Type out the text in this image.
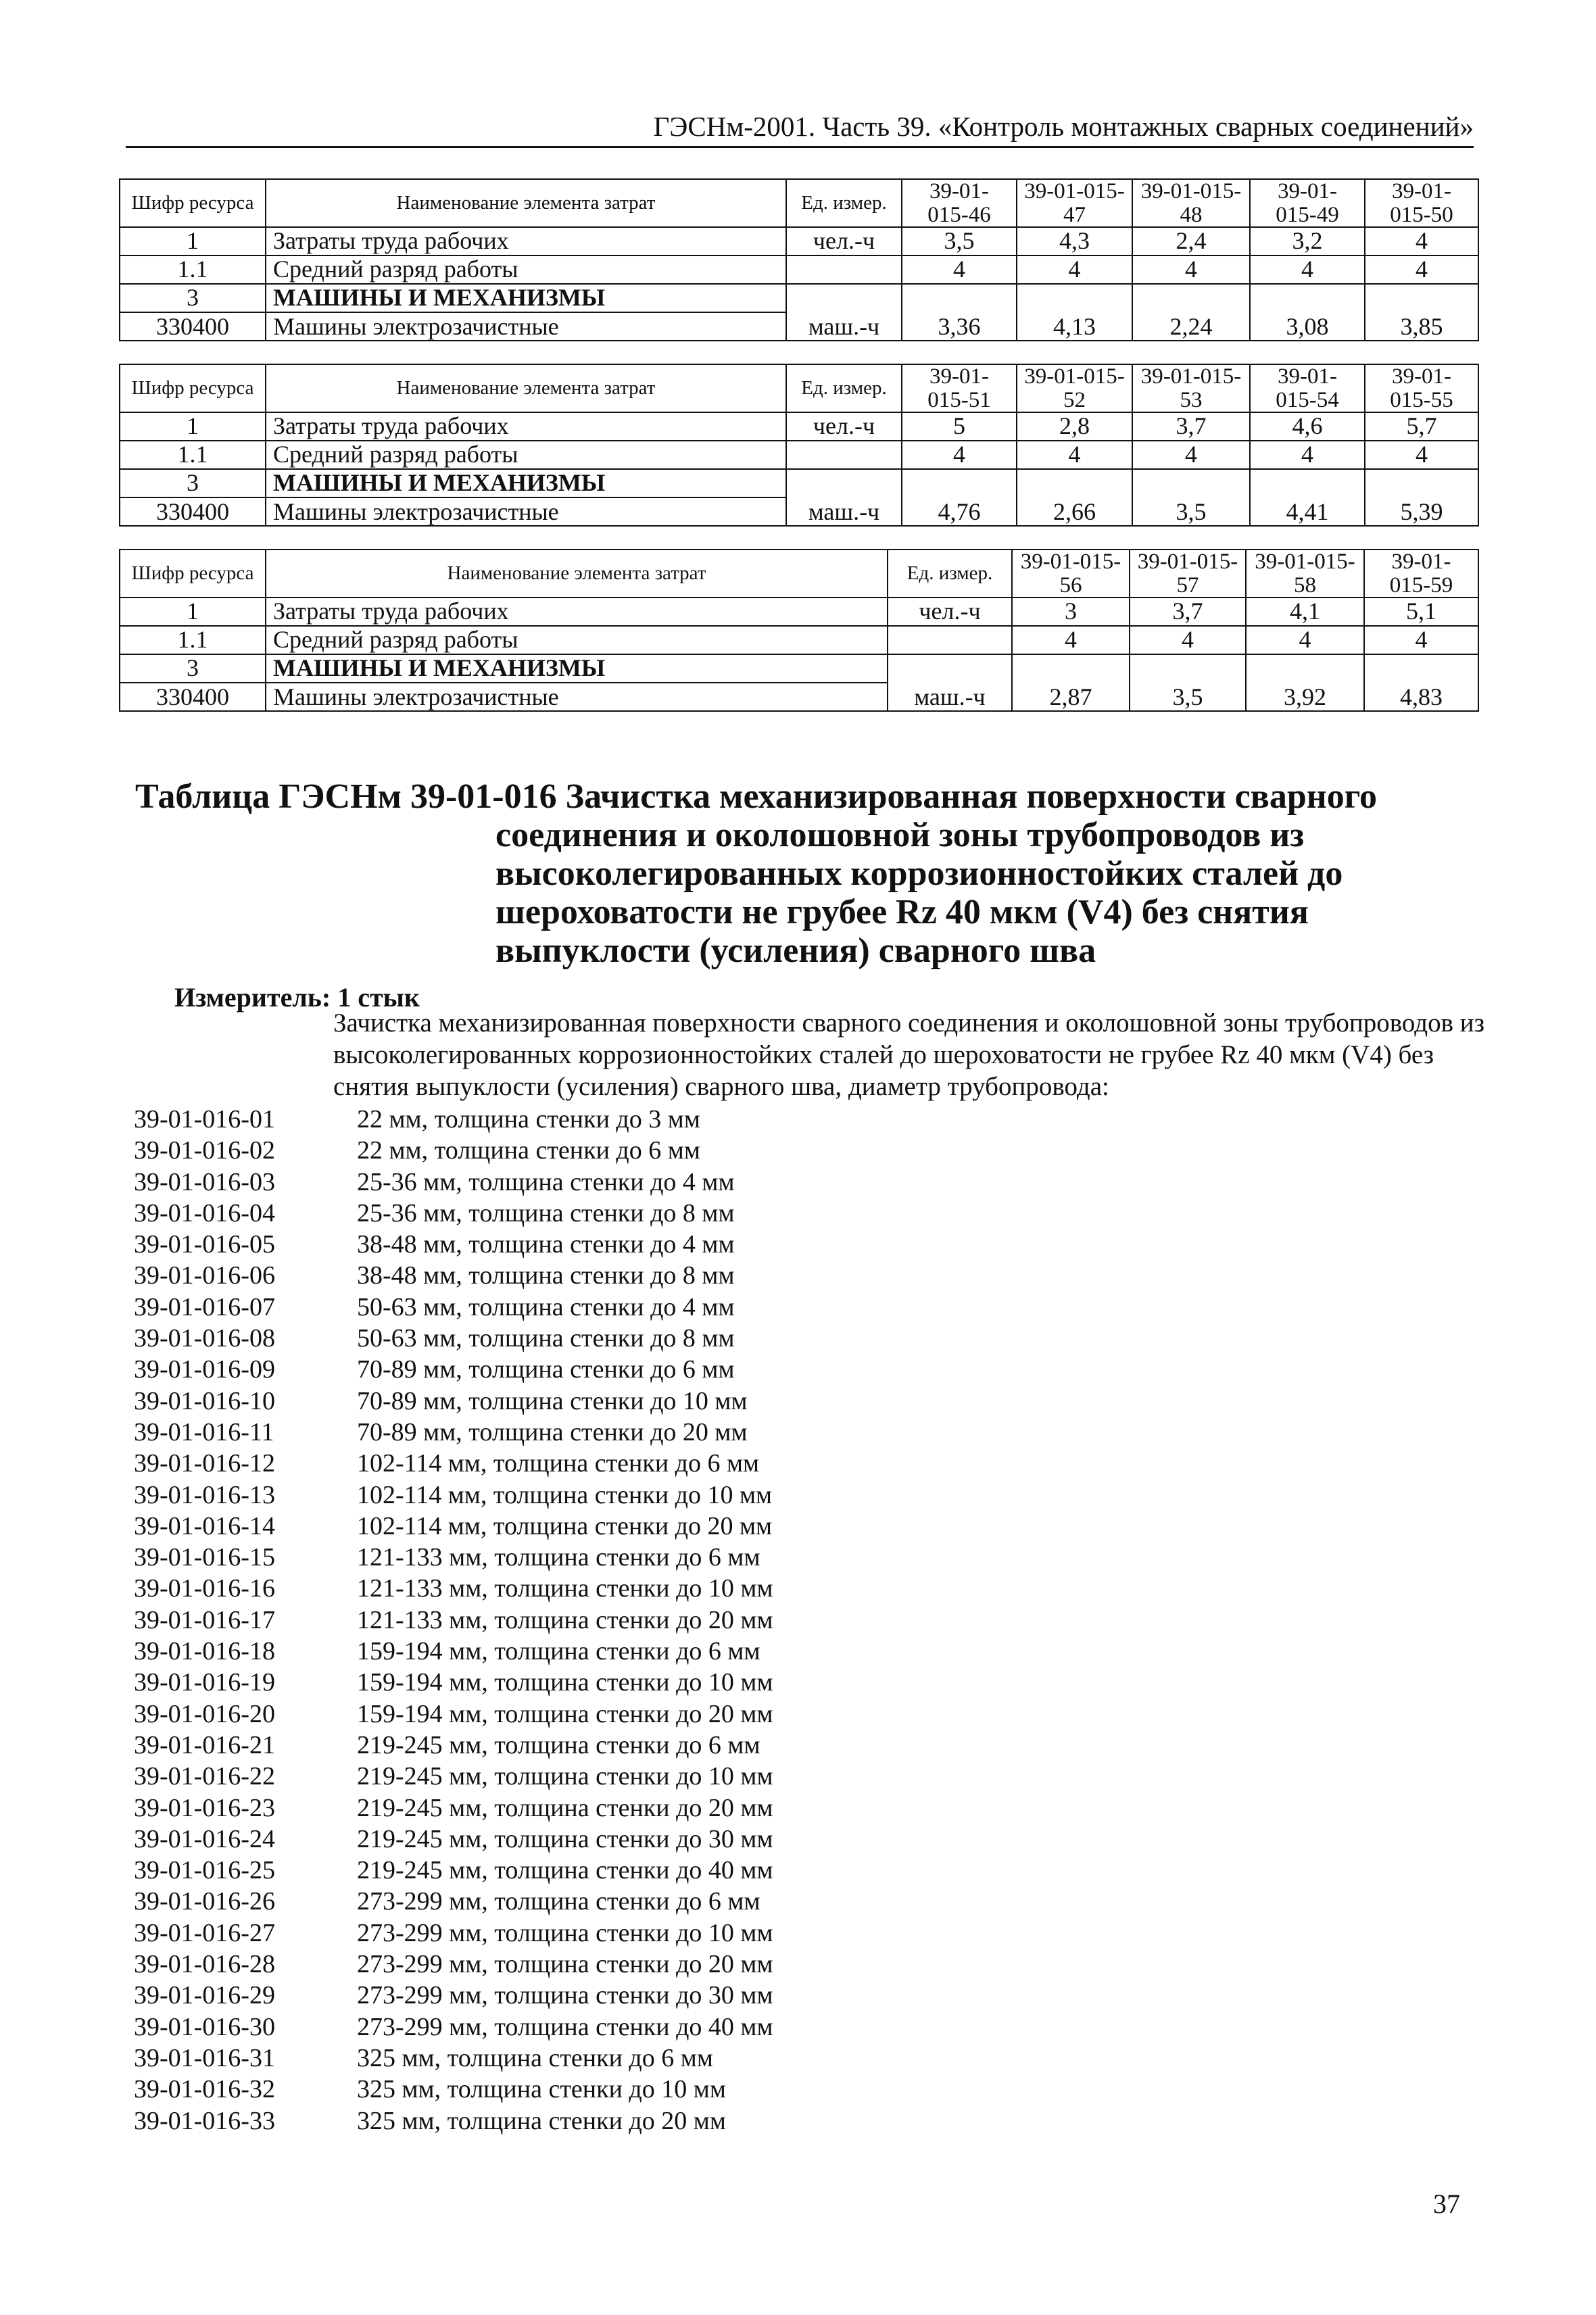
ГЭСНм-2001. Часть 39. «Контроль монтажных сварных соединений»
Шифр ресурса	Наименование элемента затрат	Ед. измер.	39-01-015-46	39-01-015-47	39-01-015-48	39-01-015-49	39-01-015-50
1	Затраты труда рабочих	чел.-ч	3,5	4,3	2,4	3,2	4
1.1	Средний разряд работы		4	4	4	4	4
3	МАШИНЫ И МЕХАНИЗМЫ						
330400	Машины электрозачистные	маш.-ч	3,36	4,13	2,24	3,08	3,85
Шифр ресурса	Наименование элемента затрат	Ед. измер.	39-01-015-51	39-01-015-52	39-01-015-53	39-01-015-54	39-01-015-55
1	Затраты труда рабочих	чел.-ч	5	2,8	3,7	4,6	5,7
1.1	Средний разряд работы		4	4	4	4	4
3	МАШИНЫ И МЕХАНИЗМЫ						
330400	Машины электрозачистные	маш.-ч	4,76	2,66	3,5	4,41	5,39
Шифр ресурса	Наименование элемента затрат	Ед. измер.	39-01-015-56	39-01-015-57	39-01-015-58	39-01-015-59
1	Затраты труда рабочих	чел.-ч	3	3,7	4,1	5,1
1.1	Средний разряд работы		4	4	4	4
3	МАШИНЫ И МЕХАНИЗМЫ					
330400	Машины электрозачистные	маш.-ч	2,87	3,5	3,92	4,83
Таблица ГЭСНм 39-01-016 Зачистка механизированная поверхности сварного
соединения и околошовной зоны трубопроводов из высоколегированных коррозионностойких сталей до шероховатости не грубее Rz 40 мкм (V4) без снятия выпуклости (усиления) сварного шва
Измеритель: 1 стык
Зачистка механизированная поверхности сварного соединения и околошовной зоны трубопроводов из высоколегированных коррозионностойких сталей до шероховатости не грубее Rz 40 мкм (V4) без снятия выпуклости (усиления) сварного шва, диаметр трубопровода:
39-01-016-01	22 мм, толщина стенки до 3 мм
39-01-016-02	22 мм, толщина стенки до 6 мм
39-01-016-03	25-36 мм, толщина стенки до 4 мм
39-01-016-04	25-36 мм, толщина стенки до 8 мм
39-01-016-05	38-48 мм, толщина стенки до 4 мм
39-01-016-06	38-48 мм, толщина стенки до 8 мм
39-01-016-07	50-63 мм, толщина стенки до 4 мм
39-01-016-08	50-63 мм, толщина стенки до 8 мм
39-01-016-09	70-89 мм, толщина стенки до 6 мм
39-01-016-10	70-89 мм, толщина стенки до 10 мм
39-01-016-11	70-89 мм, толщина стенки до 20 мм
39-01-016-12	102-114 мм, толщина стенки до 6 мм
39-01-016-13	102-114 мм, толщина стенки до 10 мм
39-01-016-14	102-114 мм, толщина стенки до 20 мм
39-01-016-15	121-133 мм, толщина стенки до 6 мм
39-01-016-16	121-133 мм, толщина стенки до 10 мм
39-01-016-17	121-133 мм, толщина стенки до 20 мм
39-01-016-18	159-194 мм, толщина стенки до 6 мм
39-01-016-19	159-194 мм, толщина стенки до 10 мм
39-01-016-20	159-194 мм, толщина стенки до 20 мм
39-01-016-21	219-245 мм, толщина стенки до 6 мм
39-01-016-22	219-245 мм, толщина стенки до 10 мм
39-01-016-23	219-245 мм, толщина стенки до 20 мм
39-01-016-24	219-245 мм, толщина стенки до 30 мм
39-01-016-25	219-245 мм, толщина стенки до 40 мм
39-01-016-26	273-299 мм, толщина стенки до 6 мм
39-01-016-27	273-299 мм, толщина стенки до 10 мм
39-01-016-28	273-299 мм, толщина стенки до 20 мм
39-01-016-29	273-299 мм, толщина стенки до 30 мм
39-01-016-30	273-299 мм, толщина стенки до 40 мм
39-01-016-31	325 мм, толщина стенки до 6 мм
39-01-016-32	325 мм, толщина стенки до 10 мм
39-01-016-33	325 мм, толщина стенки до 20 мм
37
